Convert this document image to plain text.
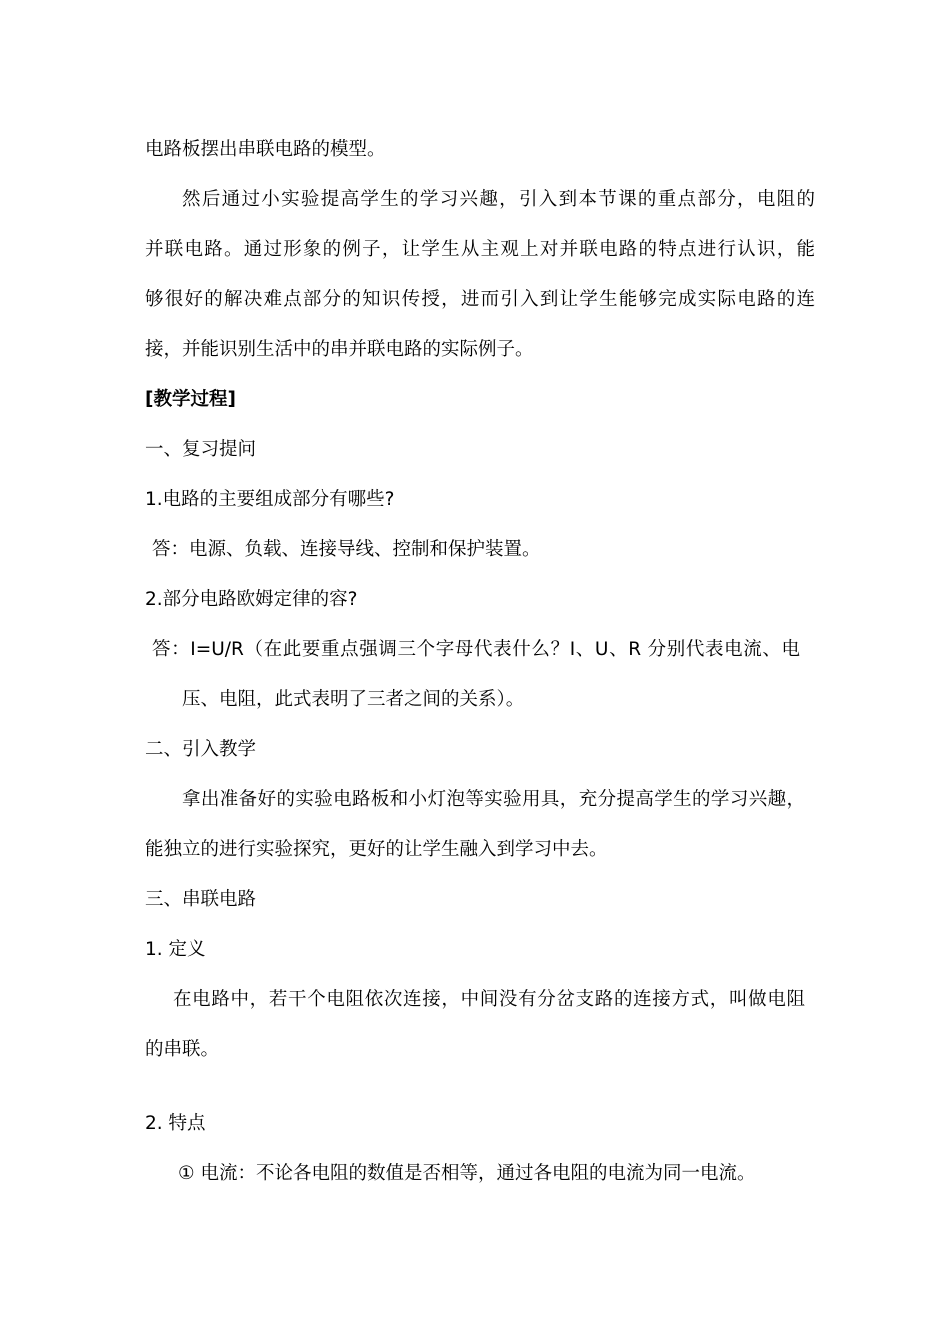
电路板摆出串联电路的模型。
然后通过小实验提高学生的学习兴趣，引入到本节课的重点部分，电阻的
并联电路。通过形象的例子，让学生从主观上对并联电路的特点进行认识，能
够很好的解决难点部分的知识传授，进而引入到让学生能够完成实际电路的连
接，并能识别生活中的串并联电路的实际例子。
[教学过程]
一、复习提问
1.电路的主要组成部分有哪些?
答：电源、负载、连接导线、控制和保护装置。
2.部分电路欧姆定律的容?
答：I=U/R（在此要重点强调三个字母代表什么？I、U、R 分别代表电流、电
压、电阻，此式表明了三者之间的关系）。
二、引入教学
拿出准备好的实验电路板和小灯泡等实验用具，充分提高学生的学习兴趣，
能独立的进行实验探究，更好的让学生融入到学习中去。
三、串联电路
1. 定义
在电路中，若干个电阻依次连接，中间没有分岔支路的连接方式，叫做电阻
的串联。
2. 特点
① 电流：不论各电阻的数值是否相等，通过各电阻的电流为同一电流。
